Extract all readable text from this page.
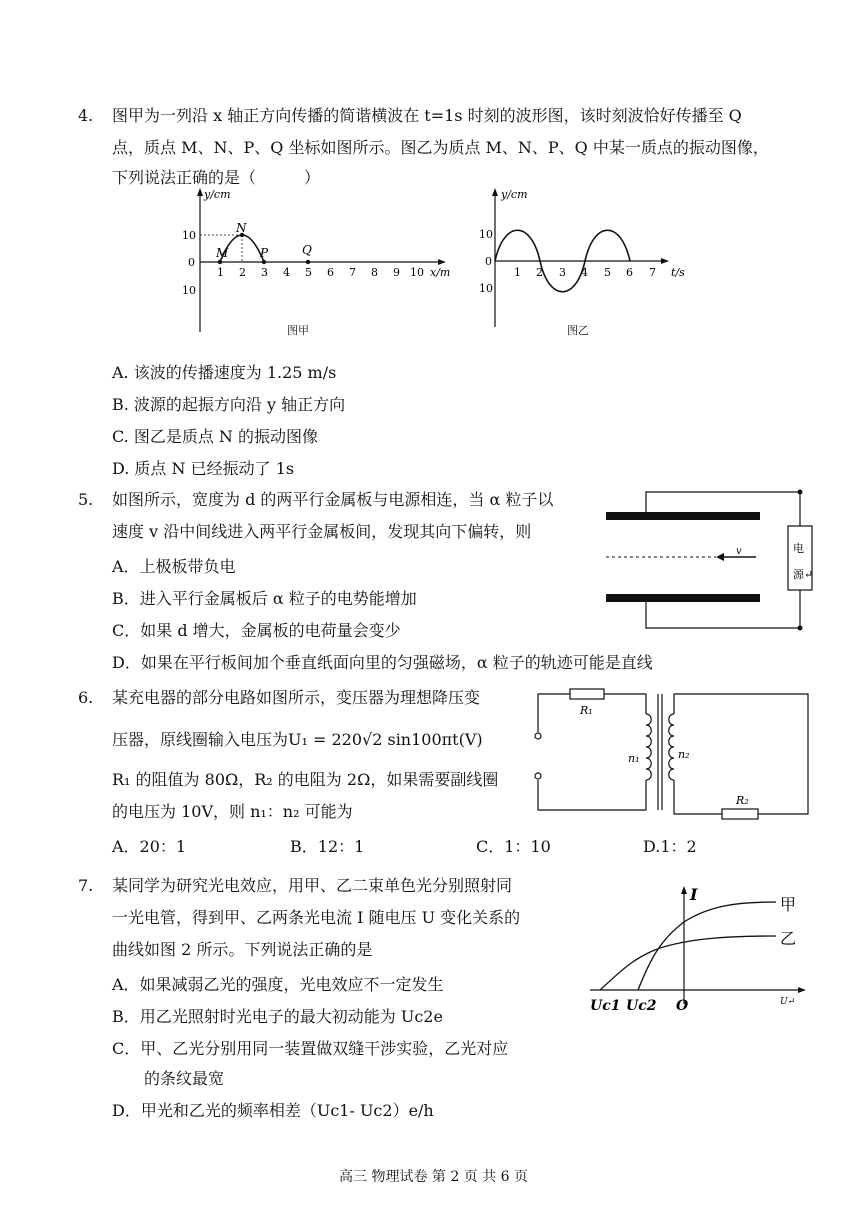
4. 图甲为一列沿 x 轴正方向传播的简谐横波在 t=1s 时刻的波形图，该时刻波恰好传播至 Q
点，质点 M、N、P、Q 坐标如图所示。图乙为质点 M、N、P、Q 中某一质点的振动图像，
下列说法正确的是（　　　）
y/cm
x/m
10
0
10
1 2 3 4 5 6 7 8 9 10
M
N
P	Q
图甲
y/cm
t/s
10
0
10
1 2 3 4 5 6 7
图乙
A. 该波的传播速度为 1.25 m/s
B. 波源的起振方向沿 y 轴正方向
C. 图乙是质点 N 的振动图像
D. 质点 N 已经振动了 1s
5. 如图所示，宽度为 d 的两平行金属板与电源相连，当 α 粒子以
速度 v 沿中间线进入两平行金属板间，发现其向下偏转，则
A．上极板带负电
B．进入平行金属板后 α 粒子的电势能增加
C．如果 d 增大，金属板的电荷量会变少
D．如果在平行板间加个垂直纸面向里的匀强磁场，α 粒子的轨迹可能是直线
v	电
源↵
6. 某充电器的部分电路如图所示，变压器为理想降压变
压器，原线圈输入电压为U₁ = 220√2 sin100πt(V)
R₁ 的阻值为 80Ω，R₂ 的电阻为 2Ω，如果需要副线圈
的电压为 10V，则 n₁：n₂ 可能为
A．20：1	B．12：1	C．1：10	D.1：2
R₁
n₁	n₂
R₂
7. 某同学为研究光电效应，用甲、乙二束单色光分别照射同
一光电管，得到甲、乙两条光电流 I 随电压 U 变化关系的
曲线如图 2 所示。下列说法正确的是
A．如果减弱乙光的强度，光电效应不一定发生
B．用乙光照射时光电子的最大初动能为 Uc2e
C．甲、乙光分别用同一装置做双缝干涉实验，乙光对应
　　的条纹最宽
D．甲光和乙光的频率相差（Uc1- Uc2）e/h
I
甲
乙
Uc1 Uc2 O	U↵
高三 物理试卷 第 2 页 共 6 页
